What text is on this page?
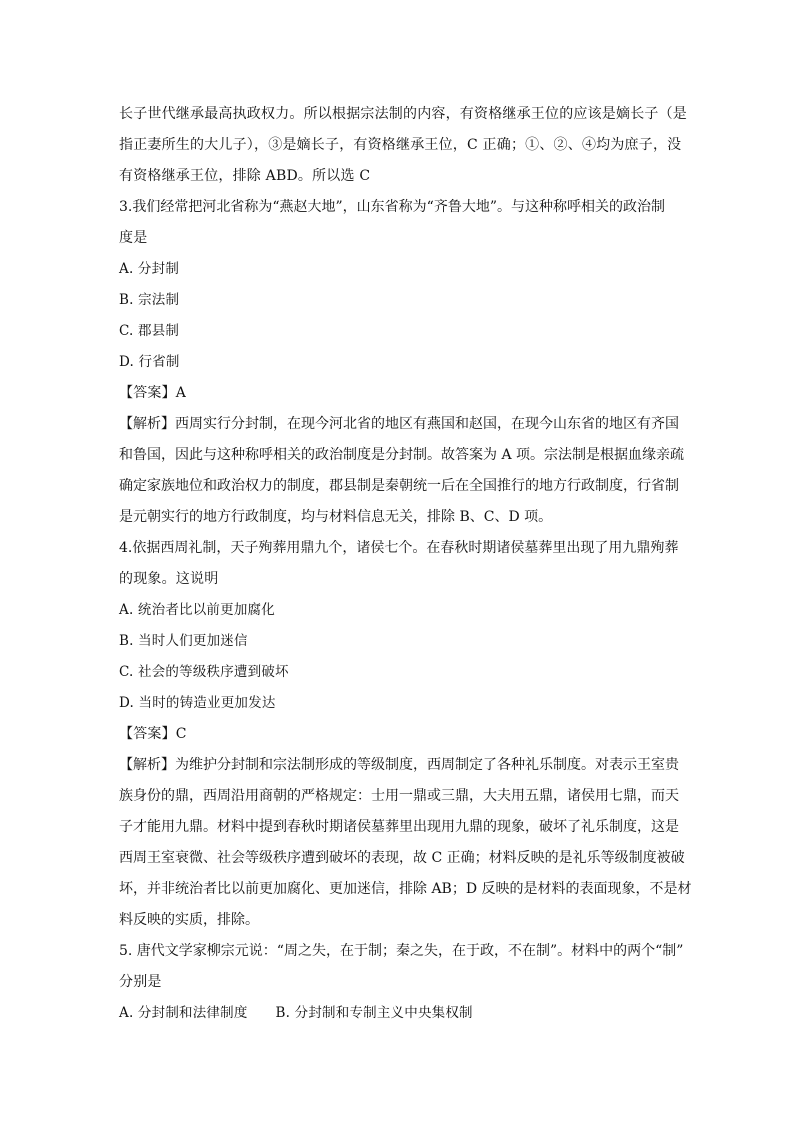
长子世代继承最高执政权力。所以根据宗法制的内容，有资格继承王位的应该是嫡长子（是
指正妻所生的大儿子），③是嫡长子，有资格继承王位，C 正确；①、②、④均为庶子，没
有资格继承王位，排除 ABD。所以选 C
3.我们经常把河北省称为“燕赵大地”，山东省称为“齐鲁大地”。与这种称呼相关的政治制
度是
A. 分封制
B. 宗法制
C. 郡县制
D. 行省制
【答案】A
【解析】西周实行分封制，在现今河北省的地区有燕国和赵国，在现今山东省的地区有齐国
和鲁国，因此与这种称呼相关的政治制度是分封制。故答案为 A 项。宗法制是根据血缘亲疏
确定家族地位和政治权力的制度，郡县制是秦朝统一后在全国推行的地方行政制度，行省制
是元朝实行的地方行政制度，均与材料信息无关，排除 B、C、D 项。
4.依据西周礼制，天子殉葬用鼎九个，诸侯七个。在春秋时期诸侯墓葬里出现了用九鼎殉葬
的现象。这说明
A. 统治者比以前更加腐化
B. 当时人们更加迷信
C. 社会的等级秩序遭到破坏
D. 当时的铸造业更加发达
【答案】C
【解析】为维护分封制和宗法制形成的等级制度，西周制定了各种礼乐制度。对表示王室贵
族身份的鼎，西周沿用商朝的严格规定：士用一鼎或三鼎，大夫用五鼎，诸侯用七鼎，而天
子才能用九鼎。材料中提到春秋时期诸侯墓葬里出现用九鼎的现象，破坏了礼乐制度，这是
西周王室衰微、社会等级秩序遭到破坏的表现，故 C 正确；材料反映的是礼乐等级制度被破
坏，并非统治者比以前更加腐化、更加迷信，排除 AB；D 反映的是材料的表面现象，不是材
料反映的实质，排除。
5. 唐代文学家柳宗元说：“周之失，在于制；秦之失，在于政，不在制”。材料中的两个“制”
分别是
A. 分封制和法律制度 B. 分封制和专制主义中央集权制
